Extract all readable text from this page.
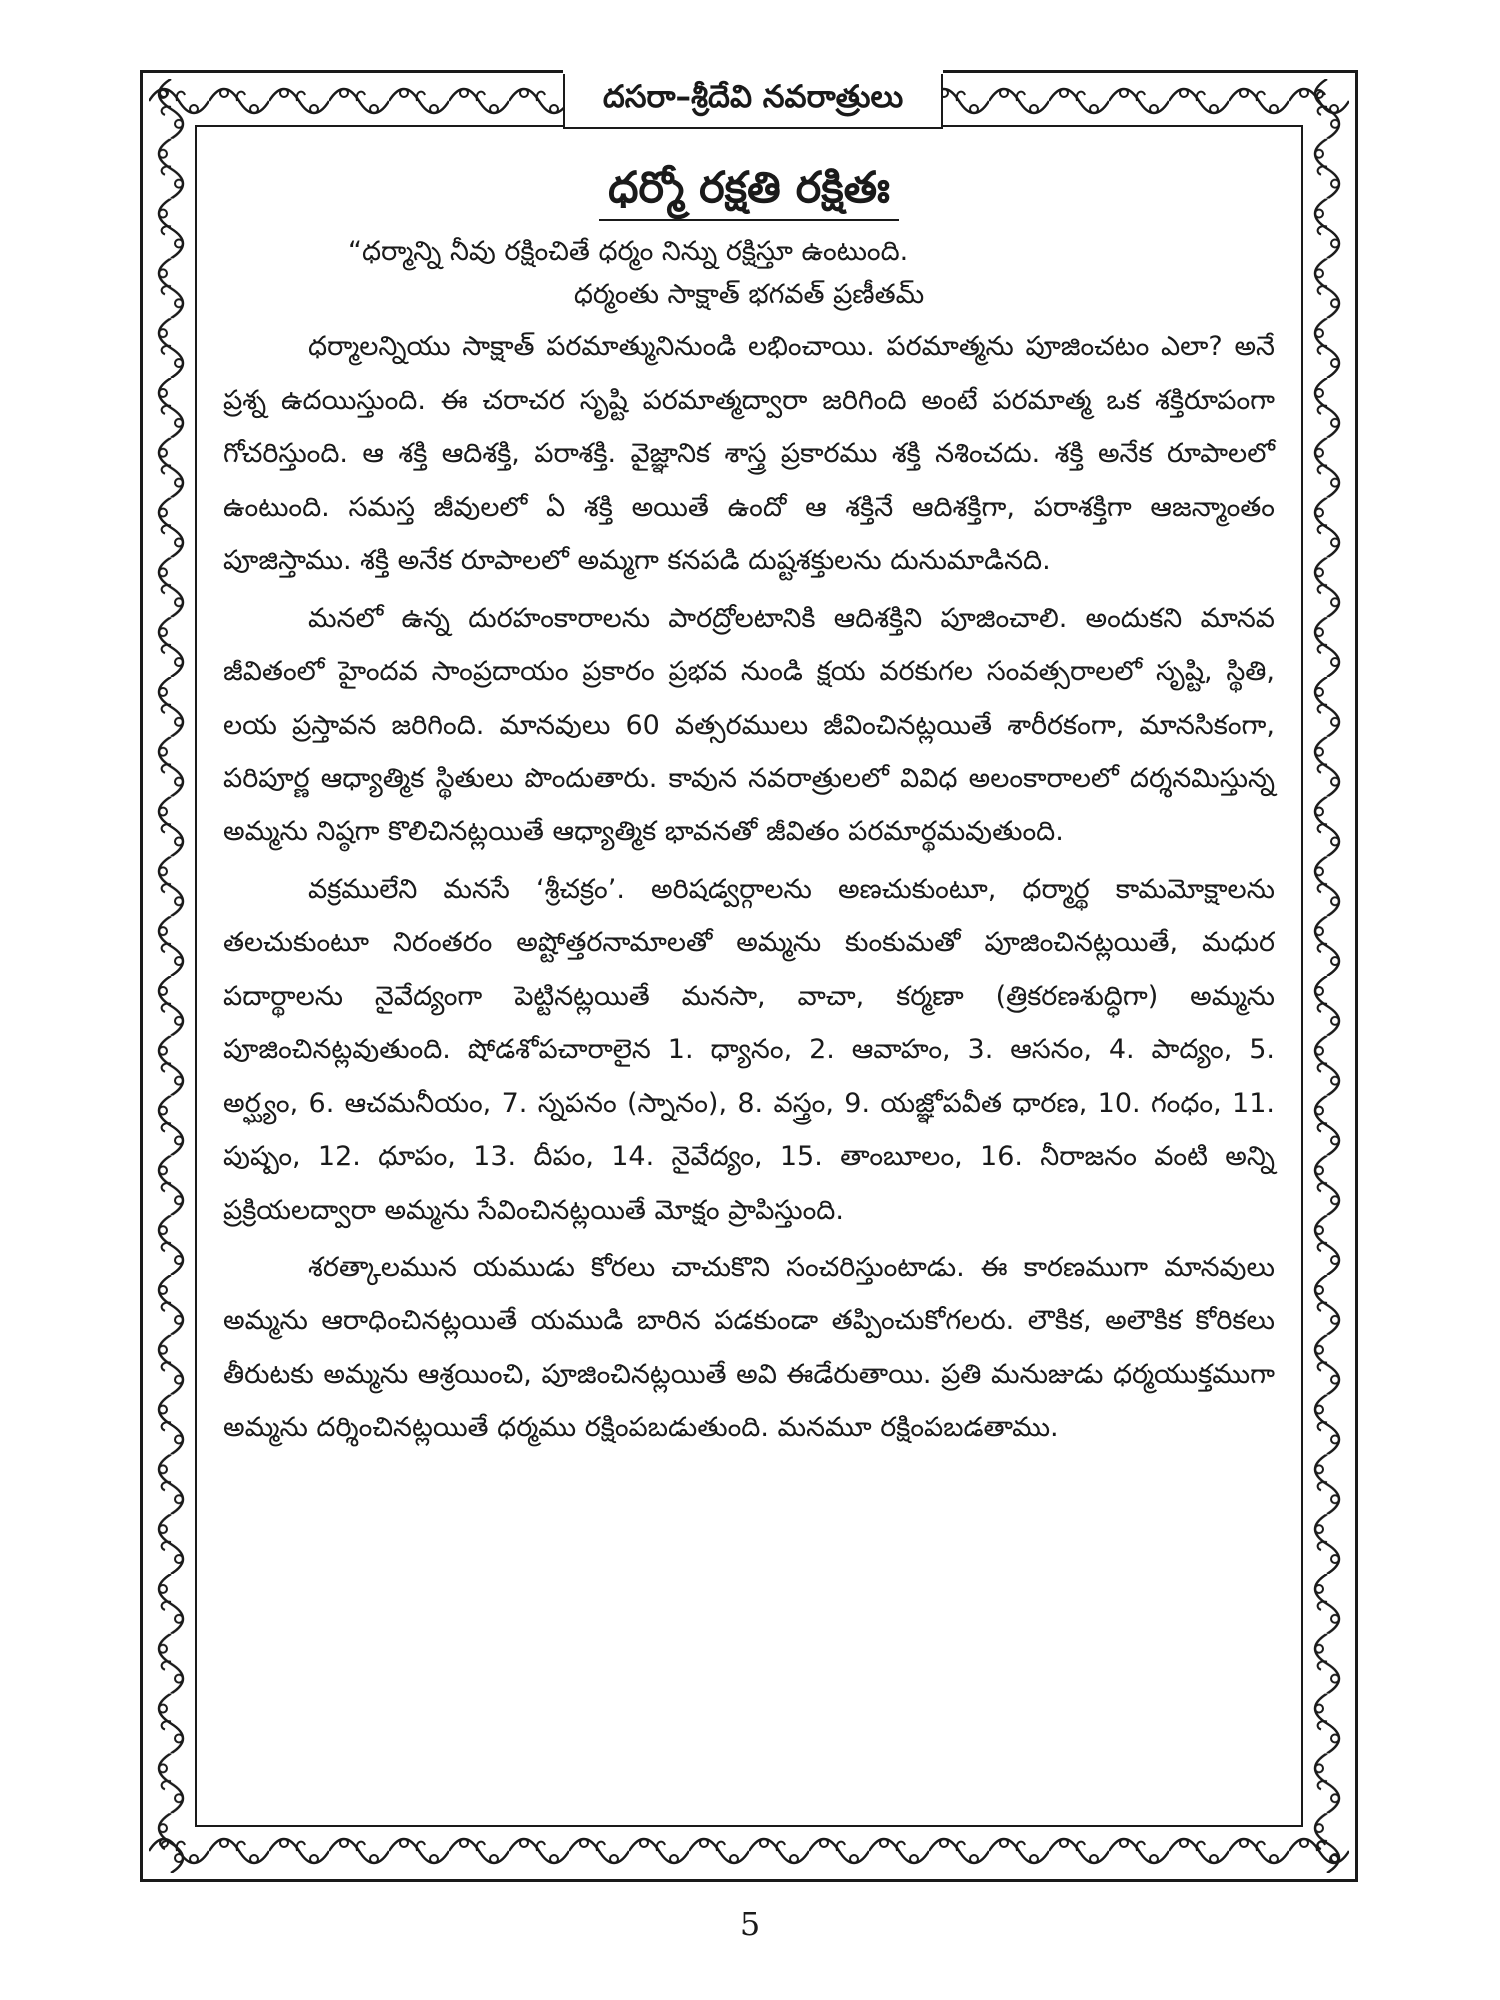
దసరా–శ్రీదేవి నవరాత్రులు
ధర్మో రక్షతి రక్షితః

“ధర్మాన్ని నీవు రక్షించితే ధర్మం నిన్ను రక్షిస్తూ ఉంటుంది.

ధర్మంతు సాక్షాత్ భగవత్ ప్రణీతమ్

ధర్మాలన్నియు సాక్షాత్ పరమాత్మునినుండి లభించాయి. పరమాత్మను పూజించటం ఎలా? అనే ప్రశ్న ఉదయిస్తుంది. ఈ చరాచర సృష్టి పరమాత్మద్వారా జరిగింది అంటే పరమాత్మ ఒక శక్తిరూపంగా గోచరిస్తుంది. ఆ శక్తి ఆదిశక్తి, పరాశక్తి. వైజ్ఞానిక శాస్త్ర ప్రకారము శక్తి నశించదు. శక్తి అనేక రూపాలలో ఉంటుంది. సమస్త జీవులలో ఏ శక్తి అయితే ఉందో ఆ శక్తినే ఆదిశక్తిగా, పరాశక్తిగా ఆజన్మాంతం పూజిస్తాము. శక్తి అనేక రూపాలలో అమ్మగా కనపడి దుష్టశక్తులను దునుమాడినది.

మనలో ఉన్న దురహంకారాలను పారద్రోలటానికి ఆదిశక్తిని పూజించాలి. అందుకని మానవ జీవితంలో హైందవ సాంప్రదాయం ప్రకారం ప్రభవ నుండి క్షయ వరకుగల సంవత్సరాలలో సృష్టి, స్థితి, లయ ప్రస్తావన జరిగింది. మానవులు 60 వత్సరములు జీవించినట్లయితే శారీరకంగా, మానసికంగా, పరిపూర్ణ ఆధ్యాత్మిక స్థితులు పొందుతారు. కావున నవరాత్రులలో వివిధ అలంకారాలలో దర్శనమిస్తున్న అమ్మను నిష్ఠగా కొలిచినట్లయితే ఆధ్యాత్మిక భావనతో జీవితం పరమార్థమవుతుంది.

వక్రములేని మనసే ‘శ్రీచక్రం’. అరిషడ్వర్గాలను అణచుకుంటూ, ధర్మార్థ కామమోక్షాలను తలచుకుంటూ నిరంతరం అష్టోత్తరనామాలతో అమ్మను కుంకుమతో పూజించినట్లయితే, మధుర పదార్థాలను నైవేద్యంగా పెట్టినట్లయితే మనసా, వాచా, కర్మణా (త్రికరణశుద్ధిగా) అమ్మను పూజించినట్లవుతుంది. షోడశోపచారాలైన 1. ధ్యానం, 2. ఆవాహం, 3. ఆసనం, 4. పాద్యం, 5. అర్ఘ్యం, 6. ఆచమనీయం, 7. స్నపనం (స్నానం), 8. వస్త్రం, 9. యజ్ఞోపవీత ధారణ, 10. గంధం, 11. పుష్పం, 12. ధూపం, 13. దీపం, 14. నైవేద్యం, 15. తాంబూలం, 16. నీరాజనం వంటి అన్ని ప్రక్రియలద్వారా అమ్మను సేవించినట్లయితే మోక్షం ప్రాపిస్తుంది.

శరత్కాలమున యముడు కోరలు చాచుకొని సంచరిస్తుంటాడు. ఈ కారణముగా మానవులు అమ్మను ఆరాధించినట్లయితే యముడి బారిన పడకుండా తప్పించుకోగలరు. లౌకిక, అలౌకిక కోరికలు తీరుటకు అమ్మను ఆశ్రయించి, పూజించినట్లయితే అవి ఈడేరుతాయి. ప్రతి మనుజుడు ధర్మయుక్తముగా అమ్మను దర్శించినట్లయితే ధర్మము రక్షింపబడుతుంది. మనమూ రక్షింపబడతాము.

5
